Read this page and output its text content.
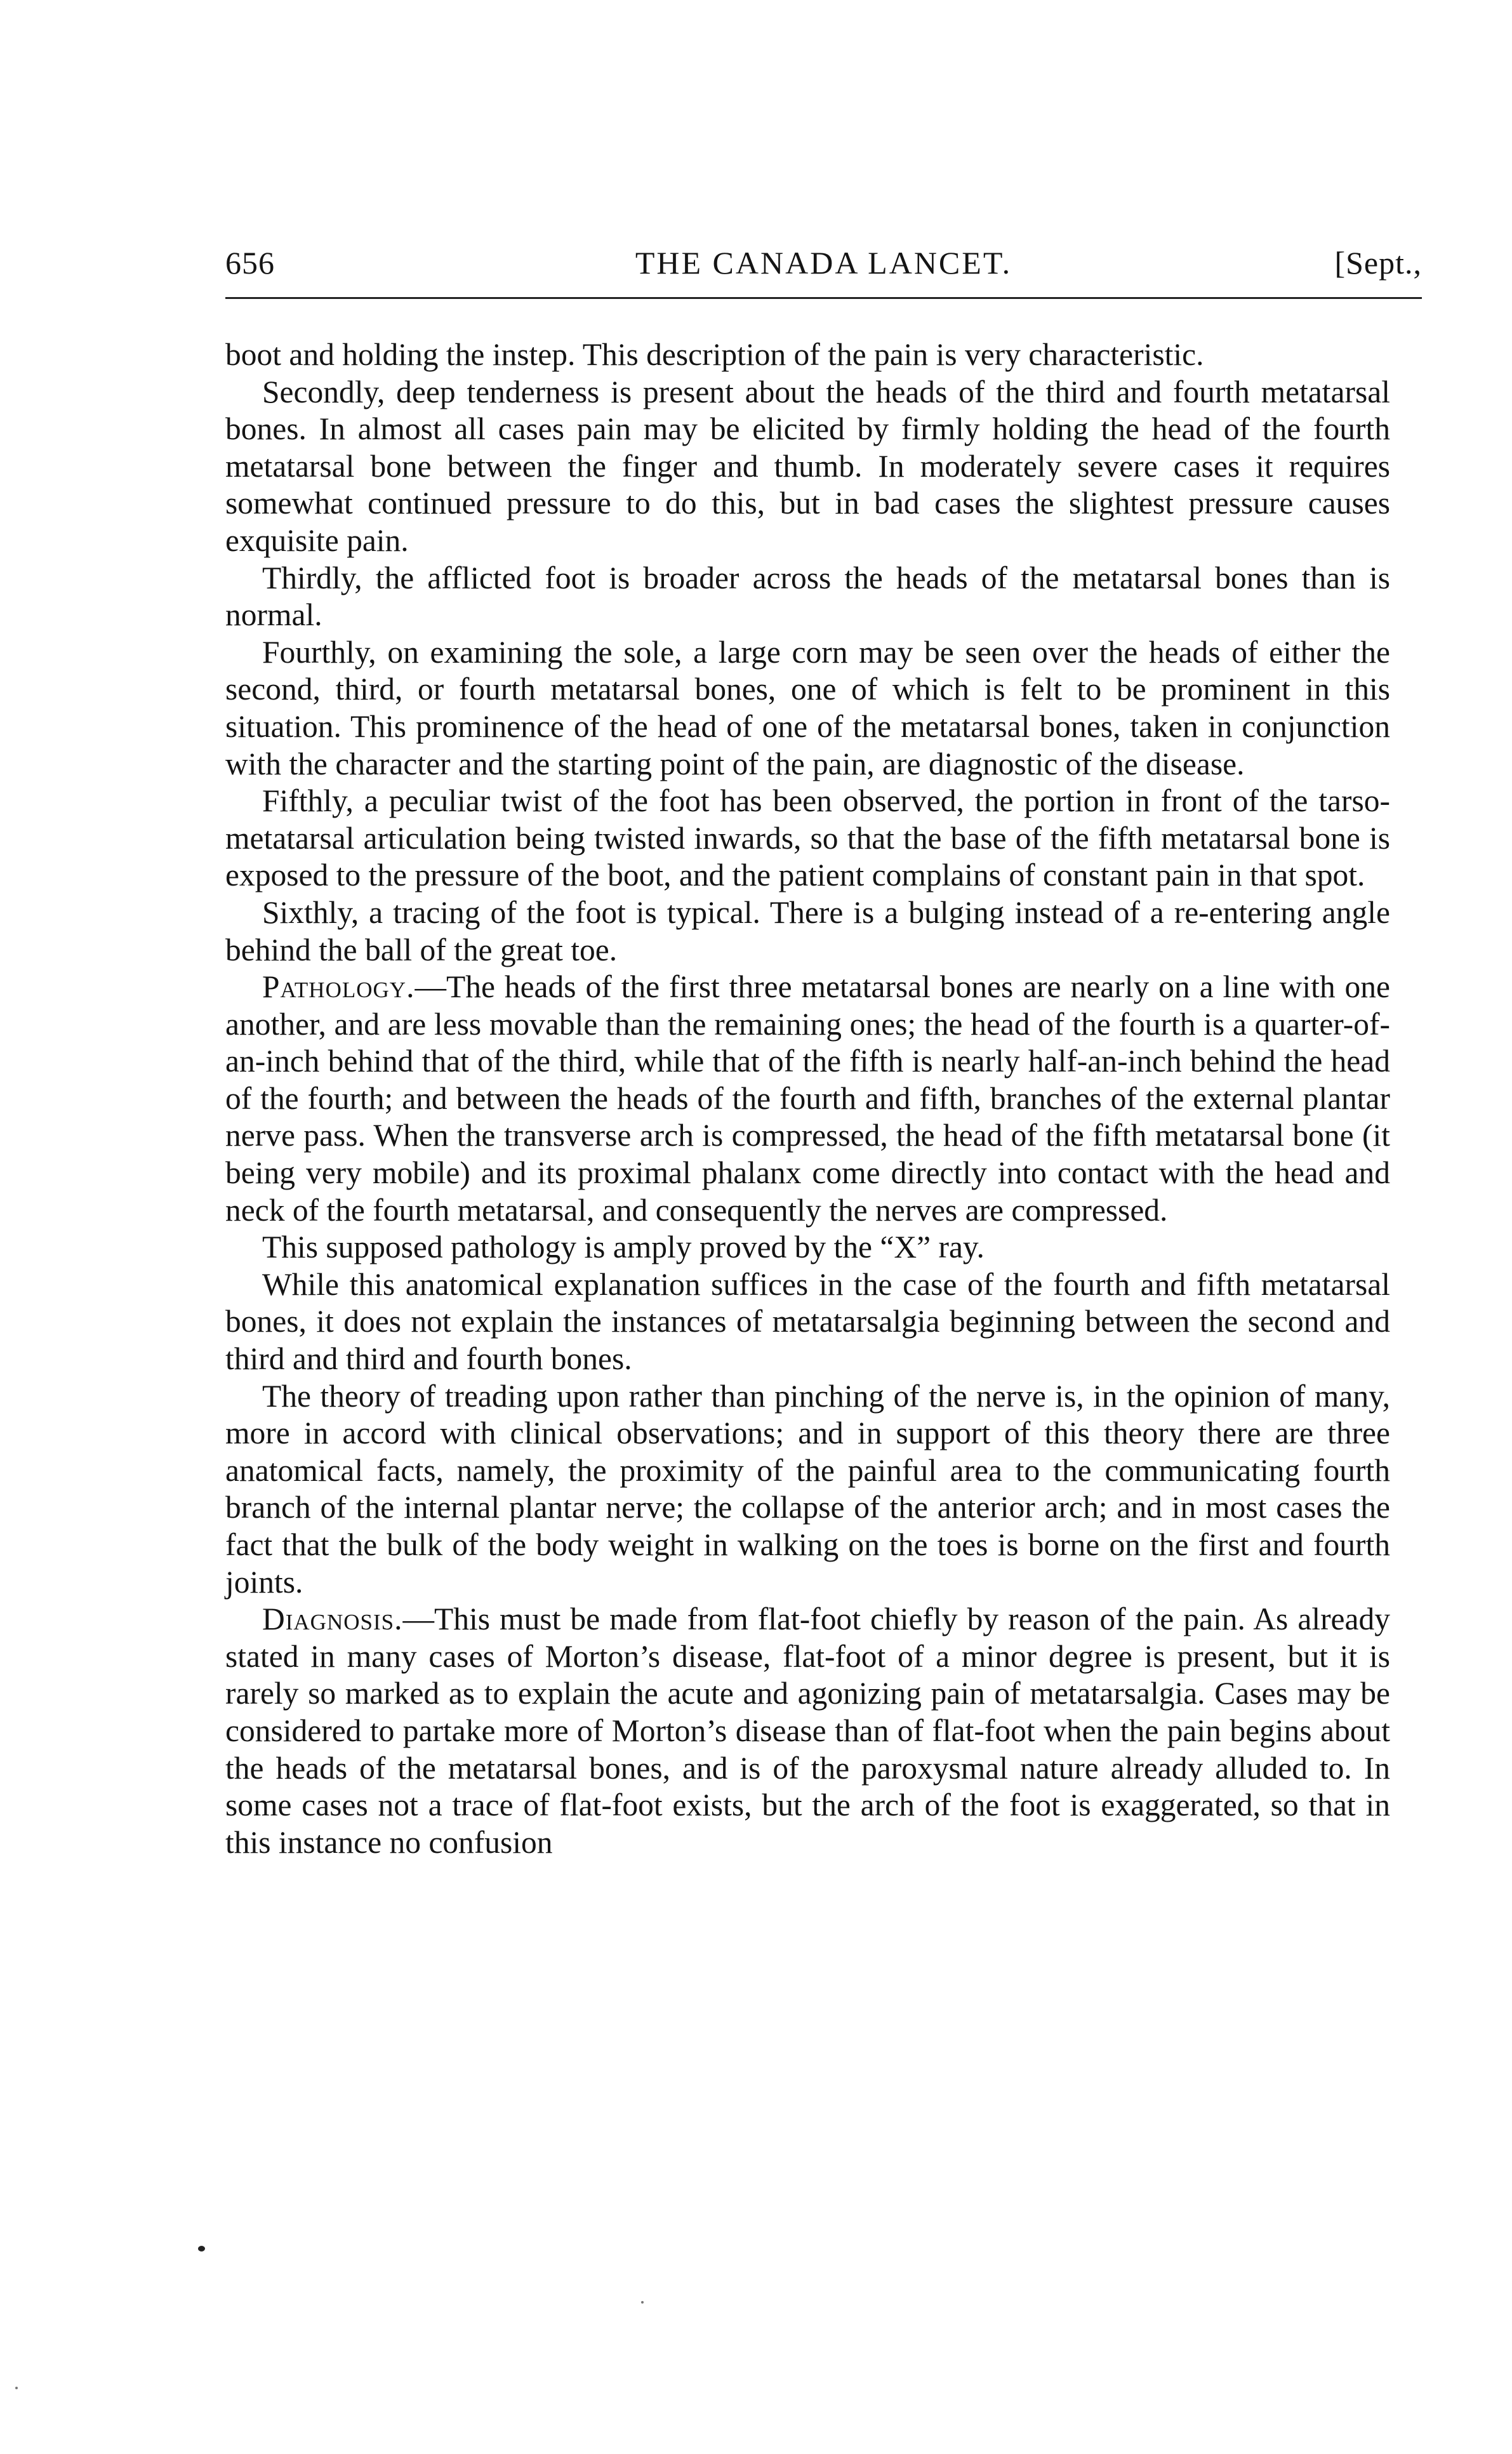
656	THE CANADA LANCET.	[Sept.,

boot and holding the instep. This description of the pain is very characteristic.

Secondly, deep tenderness is present about the heads of the third and fourth metatarsal bones. In almost all cases pain may be elicited by firmly holding the head of the fourth metatarsal bone between the finger and thumb. In moderately severe cases it requires somewhat continued pressure to do this, but in bad cases the slightest pressure causes exquisite pain.

Thirdly, the afflicted foot is broader across the heads of the metatarsal bones than is normal.

Fourthly, on examining the sole, a large corn may be seen over the heads of either the second, third, or fourth metatarsal bones, one of which is felt to be prominent in this situation. This prominence of the head of one of the metatarsal bones, taken in conjunction with the character and the starting point of the pain, are diagnostic of the disease.

Fifthly, a peculiar twist of the foot has been observed, the portion in front of the tarso-metatarsal articulation being twisted inwards, so that the base of the fifth metatarsal bone is exposed to the pressure of the boot, and the patient complains of constant pain in that spot.

Sixthly, a tracing of the foot is typical. There is a bulging instead of a re-entering angle behind the ball of the great toe.

Pathology.—The heads of the first three metatarsal bones are nearly on a line with one another, and are less movable than the remaining ones; the head of the fourth is a quarter-of-an-inch behind that of the third, while that of the fifth is nearly half-an-inch behind the head of the fourth; and between the heads of the fourth and fifth, branches of the external plantar nerve pass. When the transverse arch is compressed, the head of the fifth metatarsal bone (it being very mobile) and its proximal phalanx come directly into contact with the head and neck of the fourth metatarsal, and consequently the nerves are compressed.

This supposed pathology is amply proved by the “X” ray.

While this anatomical explanation suffices in the case of the fourth and fifth metatarsal bones, it does not explain the instances of metatarsalgia beginning between the second and third and third and fourth bones.

The theory of treading upon rather than pinching of the nerve is, in the opinion of many, more in accord with clinical observations; and in support of this theory there are three anatomical facts, namely, the proximity of the painful area to the communicating fourth branch of the internal plantar nerve; the collapse of the anterior arch; and in most cases the fact that the bulk of the body weight in walking on the toes is borne on the first and fourth joints.

Diagnosis.—This must be made from flat-foot chiefly by reason of the pain. As already stated in many cases of Morton’s disease, flat-foot of a minor degree is present, but it is rarely so marked as to explain the acute and agonizing pain of metatarsalgia. Cases may be considered to partake more of Morton’s disease than of flat-foot when the pain begins about the heads of the metatarsal bones, and is of the paroxysmal nature already alluded to. In some cases not a trace of flat-foot exists, but the arch of the foot is exaggerated, so that in this instance no confusion
